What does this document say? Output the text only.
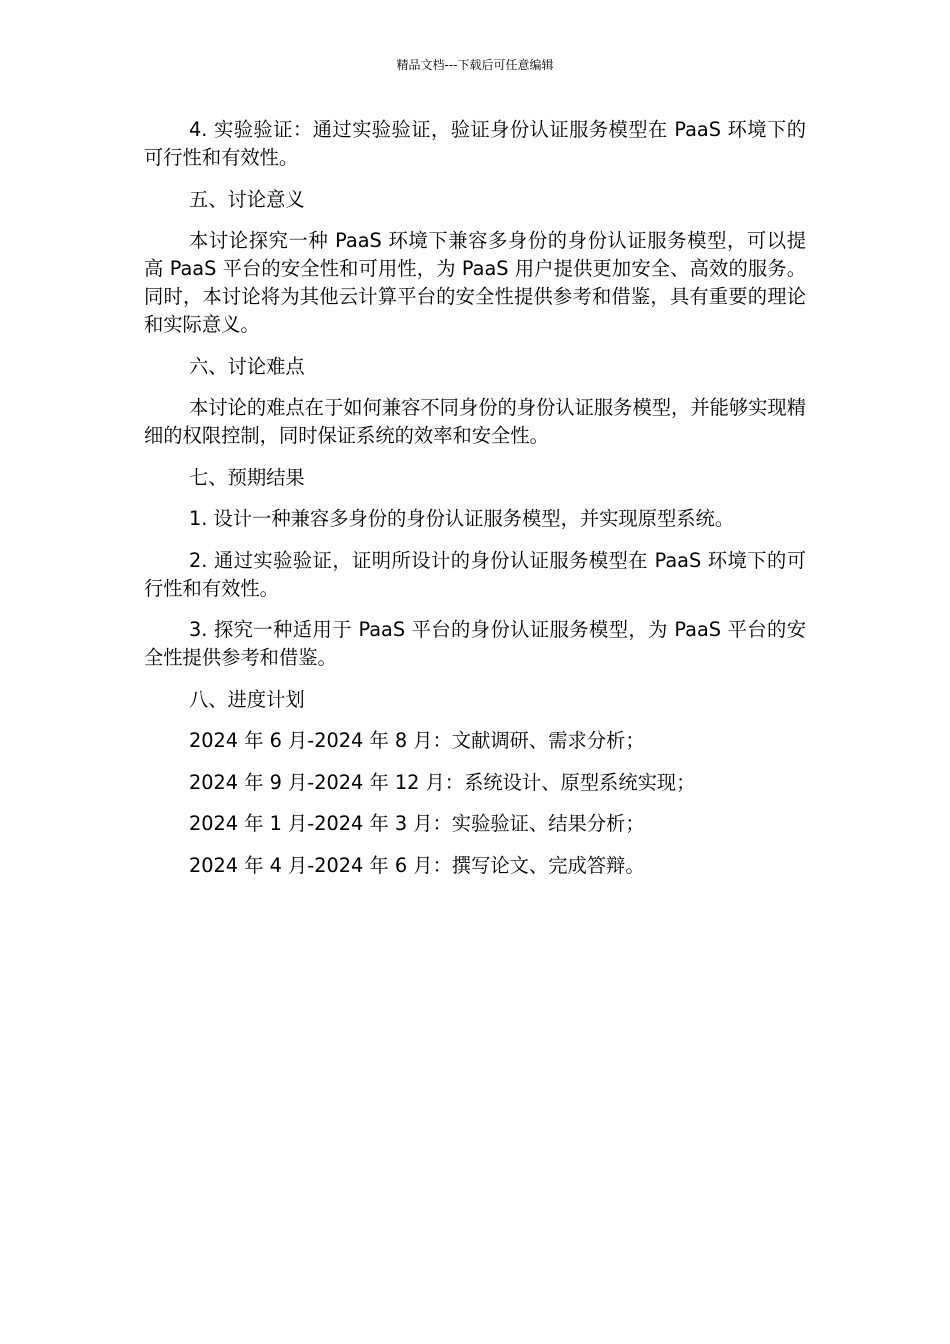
精品文档---下载后可任意编辑

4. 实验验证：通过实验验证，验证身份认证服务模型在 PaaS 环境下的可行性和有效性。

五、讨论意义

本讨论探究一种 PaaS 环境下兼容多身份的身份认证服务模型，可以提高 PaaS 平台的安全性和可用性，为 PaaS 用户提供更加安全、高效的服务。同时，本讨论将为其他云计算平台的安全性提供参考和借鉴，具有重要的理论和实际意义。

六、讨论难点

本讨论的难点在于如何兼容不同身份的身份认证服务模型，并能够实现精细的权限控制，同时保证系统的效率和安全性。

七、预期结果

1. 设计一种兼容多身份的身份认证服务模型，并实现原型系统。

2. 通过实验验证，证明所设计的身份认证服务模型在 PaaS 环境下的可行性和有效性。

3. 探究一种适用于 PaaS 平台的身份认证服务模型，为 PaaS 平台的安全性提供参考和借鉴。

八、进度计划

2024 年 6 月-2024 年 8 月：文献调研、需求分析；

2024 年 9 月-2024 年 12 月：系统设计、原型系统实现；

2024 年 1 月-2024 年 3 月：实验验证、结果分析；

2024 年 4 月-2024 年 6 月：撰写论文、完成答辩。
